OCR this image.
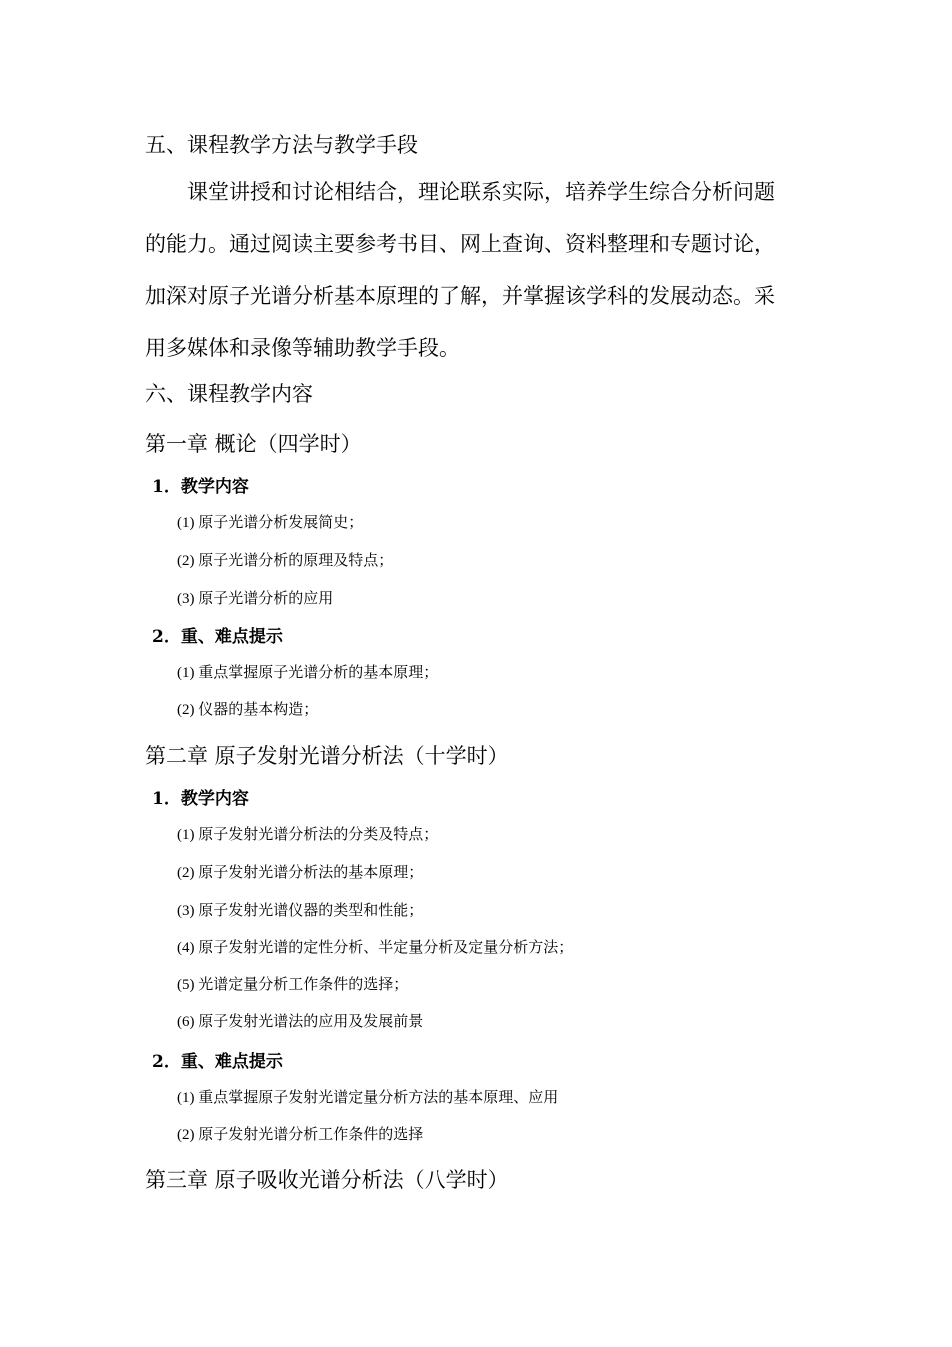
五、课程教学方法与教学手段
课堂讲授和讨论相结合，理论联系实际，培养学生综合分析问题
的能力。通过阅读主要参考书目、网上查询、资料整理和专题讨论，
加深对原子光谱分析基本原理的了解，并掌握该学科的发展动态。采
用多媒体和录像等辅助教学手段。
六、课程教学内容
第一章 概论（四学时）
1．教学内容
(1) 原子光谱分析发展简史；
(2) 原子光谱分析的原理及特点；
(3) 原子光谱分析的应用
2．重、难点提示
(1) 重点掌握原子光谱分析的基本原理；
(2) 仪器的基本构造；
第二章 原子发射光谱分析法（十学时）
1．教学内容
(1) 原子发射光谱分析法的分类及特点；
(2) 原子发射光谱分析法的基本原理；
(3) 原子发射光谱仪器的类型和性能；
(4) 原子发射光谱的定性分析、半定量分析及定量分析方法；
(5) 光谱定量分析工作条件的选择；
(6) 原子发射光谱法的应用及发展前景
2．重、难点提示
(1) 重点掌握原子发射光谱定量分析方法的基本原理、应用
(2) 原子发射光谱分析工作条件的选择
第三章 原子吸收光谱分析法（八学时）
